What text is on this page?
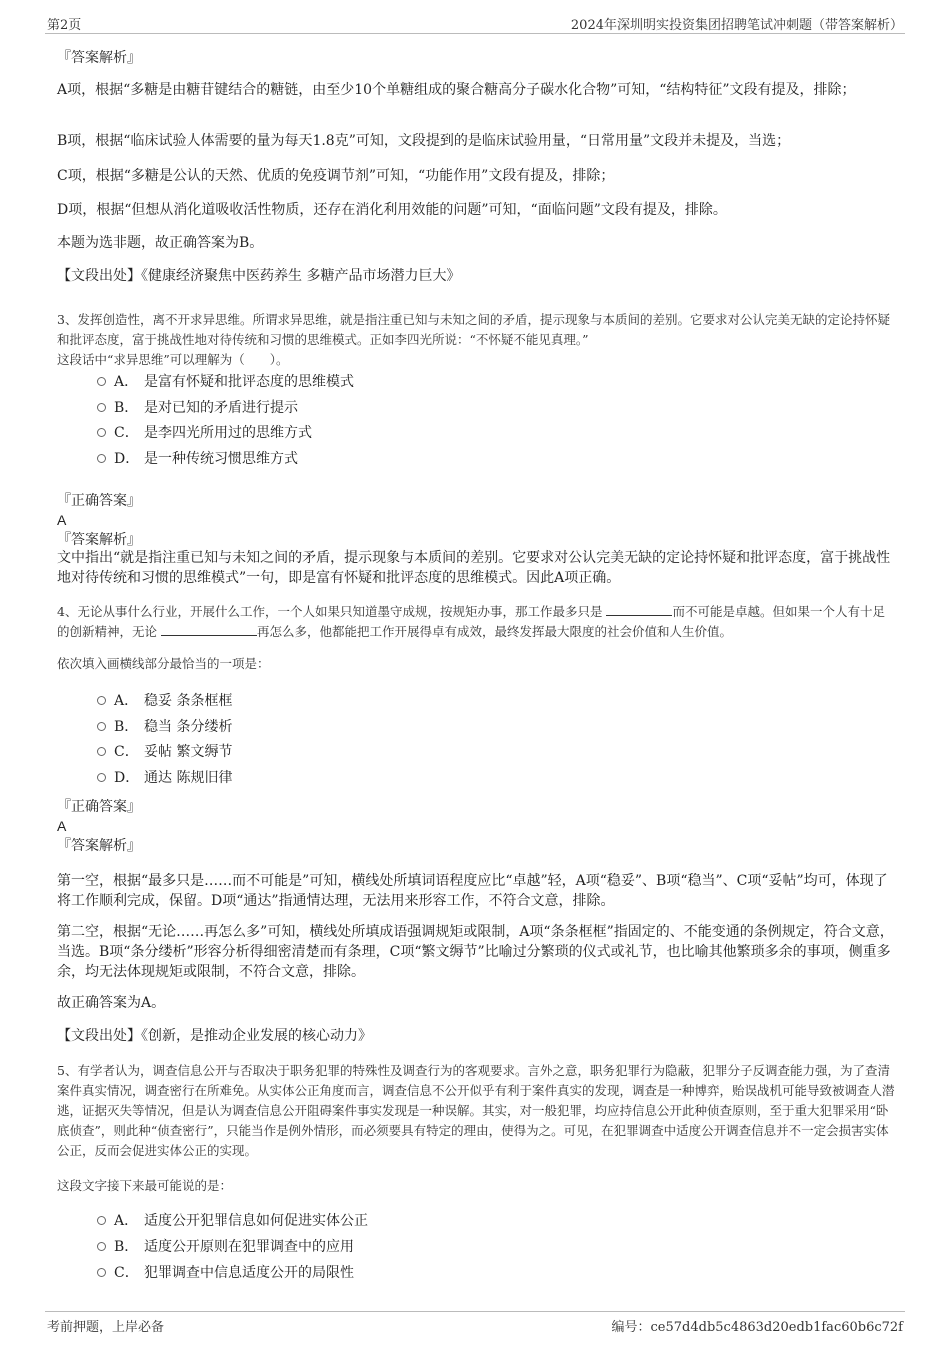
第2页	2024年深圳明实投资集团招聘笔试冲刺题（带答案解析）
『答案解析』
A项，根据“多糖是由糖苷键结合的糖链，由至少10个单糖组成的聚合糖高分子碳水化合物”可知，“结构特征”文段有提及，排除；
B项，根据“临床试验人体需要的量为每天1.8克”可知，文段提到的是临床试验用量，“日常用量”文段并未提及，当选；
C项，根据“多糖是公认的天然、优质的免疫调节剂”可知，“功能作用”文段有提及，排除；
D项，根据“但想从消化道吸收活性物质，还存在消化利用效能的问题”可知，“面临问题”文段有提及，排除。
本题为选非题，故正确答案为B。
【文段出处】《健康经济聚焦中医药养生 多糖产品市场潜力巨大》
3、发挥创造性，离不开求异思维。所谓求异思维，就是指注重已知与未知之间的矛盾，提示现象与本质间的差别。它要求对公认完美无缺的定论持怀疑和批评态度，富于挑战性地对待传统和习惯的思维模式。正如李四光所说：“不怀疑不能见真理。”
这段话中“求异思维”可以理解为（　　）。
A． 是富有怀疑和批评态度的思维模式
B． 是对已知的矛盾进行提示
C． 是李四光所用过的思维方式
D． 是一种传统习惯思维方式
『正确答案』
A
『答案解析』
文中指出“就是指注重已知与未知之间的矛盾，提示现象与本质间的差别。它要求对公认完美无缺的定论持怀疑和批评态度，富于挑战性地对待传统和习惯的思维模式”一句，即是富有怀疑和批评态度的思维模式。因此A项正确。
4、无论从事什么行业，开展什么工作，一个人如果只知道墨守成规，按规矩办事，那工作最多只是	而不可能是卓越。但如果一个人有十足的创新精神，无论	再怎么多，他都能把工作开展得卓有成效，最终发挥最大限度的社会价值和人生价值。
依次填入画横线部分最恰当的一项是：
A． 稳妥 条条框框
B． 稳当 条分缕析
C． 妥帖 繁文缛节
D． 通达 陈规旧律
『正确答案』
A
『答案解析』
第一空，根据“最多只是……而不可能是”可知，横线处所填词语程度应比“卓越”轻，A项“稳妥”、B项“稳当”、C项“妥帖”均可，体现了将工作顺利完成，保留。D项“通达”指通情达理，无法用来形容工作，不符合文意，排除。
第二空，根据“无论……再怎么多”可知，横线处所填成语强调规矩或限制，A项“条条框框”指固定的、不能变通的条例规定，符合文意，当选。B项“条分缕析”形容分析得细密清楚而有条理，C项“繁文缛节”比喻过分繁琐的仪式或礼节，也比喻其他繁琐多余的事项，侧重多余，均无法体现规矩或限制，不符合文意，排除。
故正确答案为A。
【文段出处】《创新，是推动企业发展的核心动力》
5、有学者认为，调查信息公开与否取决于职务犯罪的特殊性及调查行为的客观要求。言外之意，职务犯罪行为隐蔽，犯罪分子反调查能力强，为了查清案件真实情况，调查密行在所难免。从实体公正角度而言，调查信息不公开似乎有利于案件真实的发现，调查是一种博弈，贻误战机可能导致被调查人潜逃，证据灭失等情况，但是认为调查信息公开阻碍案件事实发现是一种误解。其实，对一般犯罪，均应持信息公开此种侦查原则，至于重大犯罪采用“卧底侦查”，则此种“侦查密行”，只能当作是例外情形，而必须要具有特定的理由，使得为之。可见，在犯罪调查中适度公开调查信息并不一定会损害实体公正，反而会促进实体公正的实现。
这段文字接下来最可能说的是：
A． 适度公开犯罪信息如何促进实体公正
B． 适度公开原则在犯罪调查中的应用
C． 犯罪调查中信息适度公开的局限性
考前押题，上岸必备	编号：ce57d4db5c4863d20edb1fac60b6c72f
